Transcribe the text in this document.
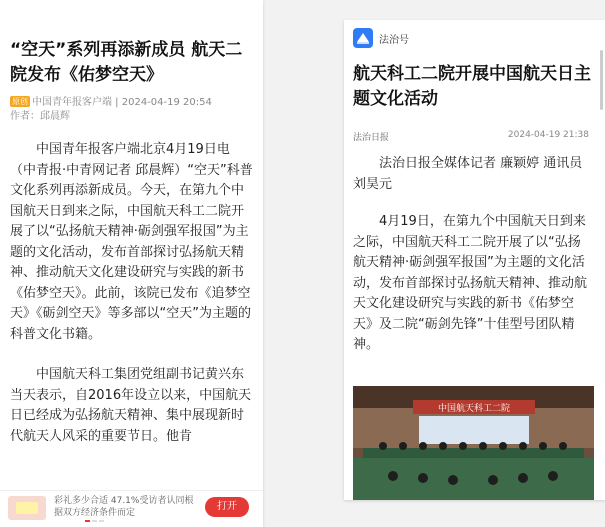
“空天”系列再添新成员 航天二院发布《佑梦空天》
原创 中国青年报客户端 | 2024-04-19 20:54
作者：邱晨辉

中国青年报客户端北京4月19日电（中青报·中青网记者 邱晨辉）“空天”科普文化系列再添新成员。今天，在第九个中国航天日到来之际，中国航天科工二院开展了以“弘扬航天精神·砺剑强军报国”为主题的文化活动，发布首部探讨弘扬航天精神、推动航天文化建设研究与实践的新书《佑梦空天》。此前，该院已发布《追梦空天》《砺剑空天》等多部以“空天”为主题的科普文化书籍。

中国航天科工集团党组副书记黄兴东当天表示，自2016年设立以来，中国航天日已经成为弘扬航天精神、集中展现新时代航天人风采的重要节日。他肯

彩礼多少合适 47.1%受访者认同根据双方经济条件而定
打开
法治号
航天科工二院开展中国航天日主题文化活动
法治日报	2024-04-19 21:38

法治日报全媒体记者 廉颖婷 通讯员 刘昊元

4月19日，在第九个中国航天日到来之际，中国航天科工二院开展了以“弘扬航天精神·砺剑强军报国”为主题的文化活动，发布首部探讨弘扬航天精神、推动航天文化建设研究与实践的新书《佑梦空天》及二院“砺剑先锋”十佳型号团队精神。

中国航天科工二院
